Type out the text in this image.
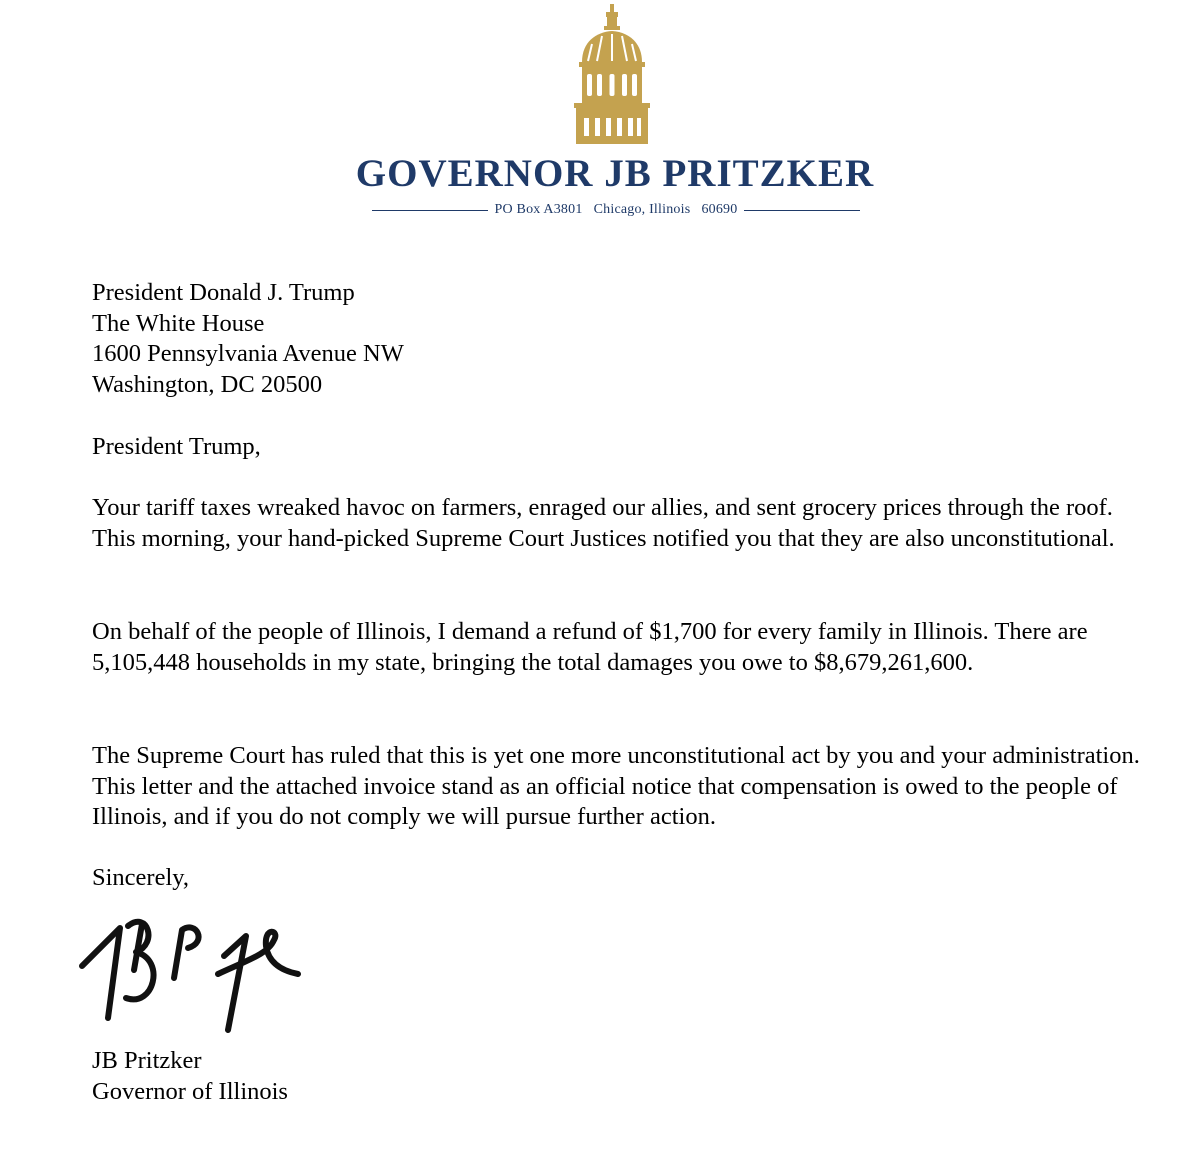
GOVERNOR JB PRITZKER
PO Box A3801   Chicago, Illinois   60690
President Donald J. Trump
The White House
1600 Pennsylvania Avenue NW
Washington, DC 20500
President Trump,

Your tariff taxes wreaked havoc on farmers, enraged our allies, and sent grocery prices through the roof. This morning, your hand-picked Supreme Court Justices notified you that they are also unconstitutional.

On behalf of the people of Illinois, I demand a refund of $1,700 for every family in Illinois. There are 5,105,448 households in my state, bringing the total damages you owe to $8,679,261,600.

The Supreme Court has ruled that this is yet one more unconstitutional act by you and your administration. This letter and the attached invoice stand as an official notice that compensation is owed to the people of Illinois, and if you do not comply we will pursue further action.

Sincerely,
JB Pritzker
Governor of Illinois
